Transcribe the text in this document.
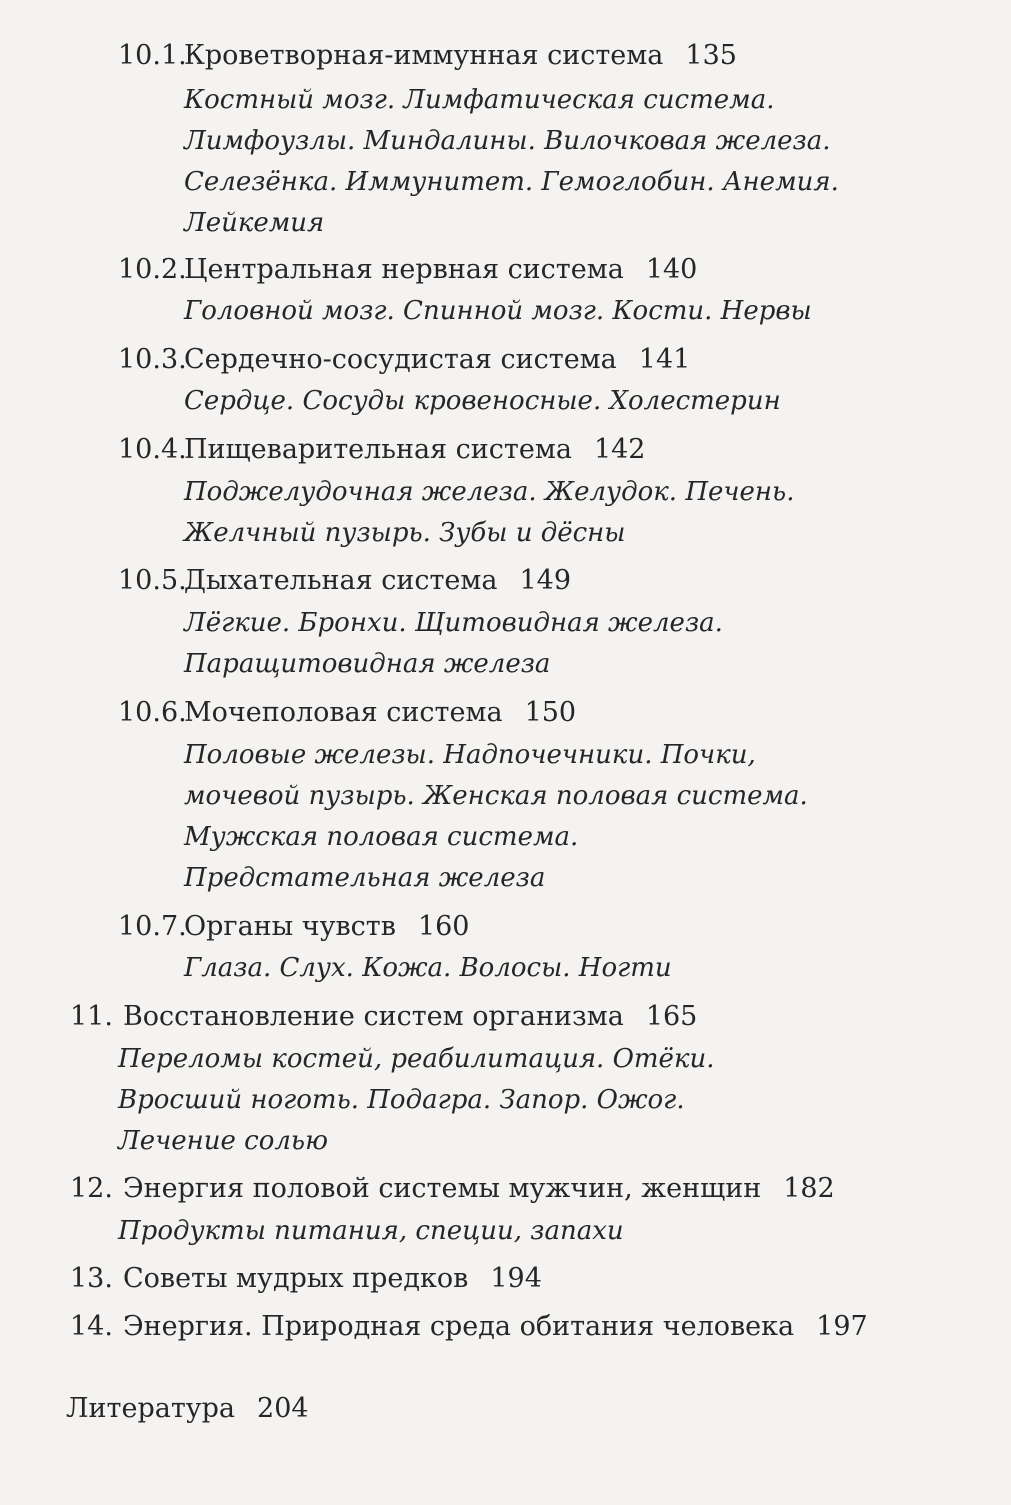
10.1.
Кроветворная-иммунная система 135
Костный мозг. Лимфатическая система.
Лимфоузлы. Миндалины. Вилочковая железа.
Селезёнка. Иммунитет. Гемоглобин. Анемия.
Лейкемия
10.2.
Центральная нервная система 140
Головной мозг. Спинной мозг. Кости. Нервы
10.3.
Сердечно-сосудистая система 141
Сердце. Сосуды кровеносные. Холестерин
10.4.
Пищеварительная система 142
Поджелудочная железа. Желудок. Печень.
Желчный пузырь. Зубы и дёсны
10.5.
Дыхательная система 149
Лёгкие. Бронхи. Щитовидная железа.
Паращитовидная железа
10.6.
Мочеполовая система 150
Половые железы. Надпочечники. Почки,
мочевой пузырь. Женская половая система.
Мужская половая система.
Предстательная железа
10.7.
Органы чувств 160
Глаза. Слух. Кожа. Волосы. Ногти
11. Восстановление систем организма 165
Переломы костей, реабилитация. Отёки.
Вросший ноготь. Подагра. Запор. Ожог.
Лечение солью
12. Энергия половой системы мужчин, женщин 182
Продукты питания, специи, запахи
13. Советы мудрых предков 194
14. Энергия. Природная среда обитания человека 197
Литература 204
